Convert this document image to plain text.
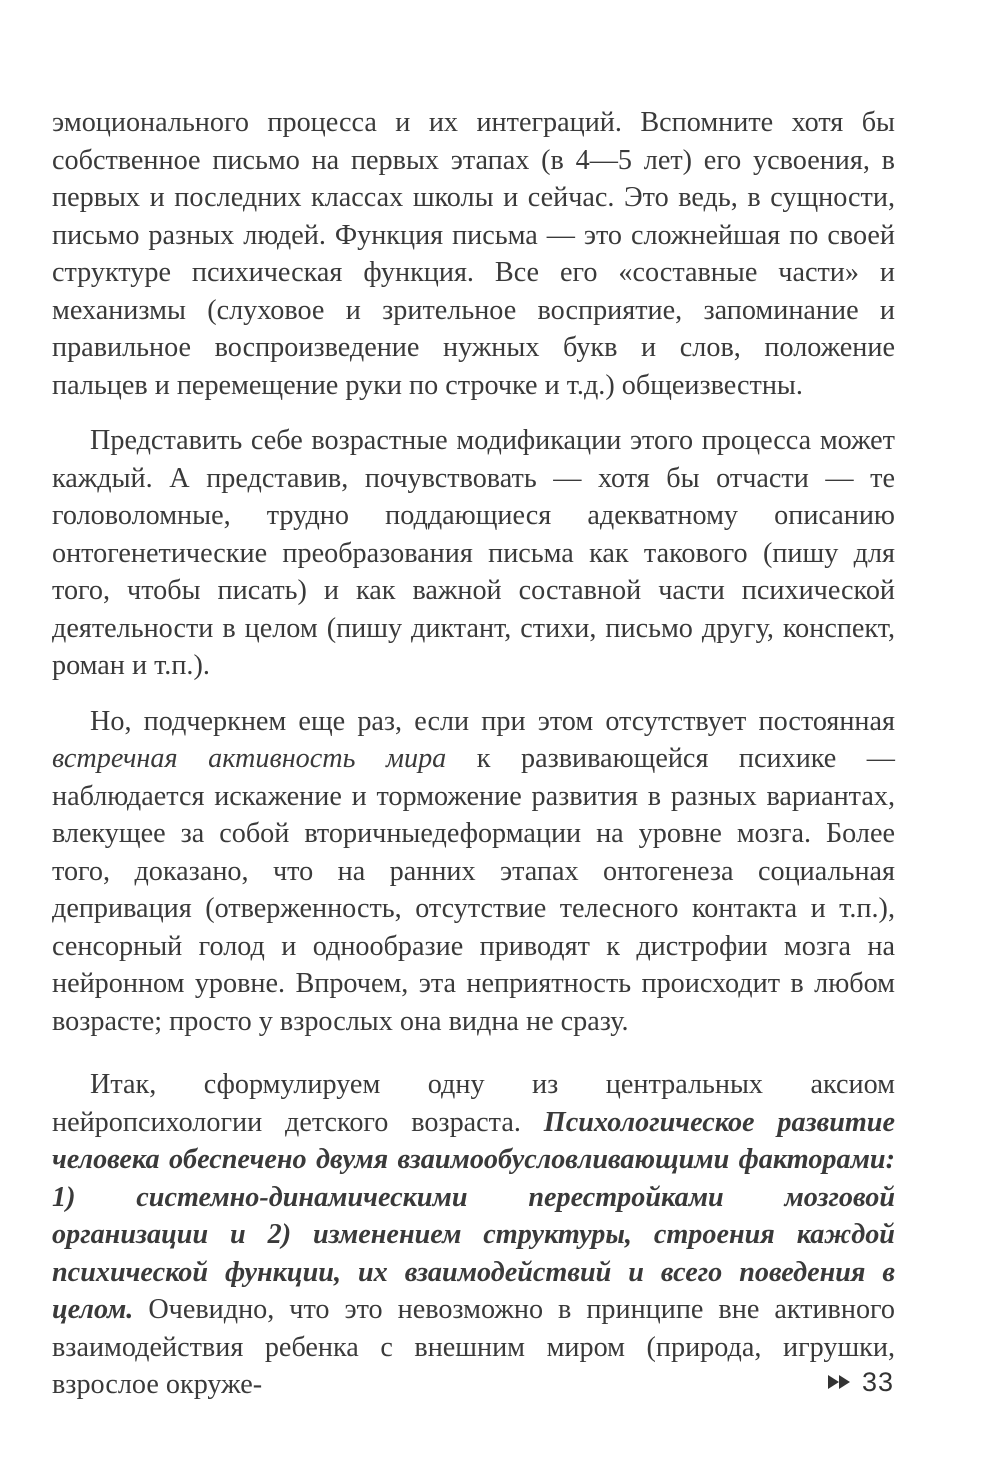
эмоционального процесса и их интеграций. Вспомните хотя бы собственное письмо на первых этапах (в 4—5 лет) его усвоения, в первых и последних классах школы и сейчас. Это ведь, в сущности, письмо разных людей. Функция письма — это сложнейшая по своей структуре психическая функция. Все его «составные части» и механизмы (слуховое и зрительное восприятие, запоминание и правильное воспроизведение нужных букв и слов, положение пальцев и перемещение руки по строчке и т.д.) общеизвестны.

Представить себе возрастные модификации этого процесса может каждый. А представив, почувствовать — хотя бы отчасти — те головоломные, трудно поддающиеся адекватному описанию онтогенетические преобразования письма как такового (пишу для того, чтобы писать) и как важной составной части психической деятельности в целом (пишу диктант, стихи, письмо другу, конспект, роман и т.п.).

Но, подчеркнем еще раз, если при этом отсутствует постоянная встречная активность мира к развивающейся психике — наблюдается искажение и торможение развития в разных вариантах, влекущее за собой вторичныедеформации на уровне мозга. Более того, доказано, что на ранних этапах онтогенеза социальная депривация (отверженность, отсутствие телесного контакта и т.п.), сенсорный голод и однообразие приводят к дистрофии мозга на нейронном уровне. Впрочем, эта неприятность происходит в любом возрасте; просто у взрослых она видна не сразу.

Итак, сформулируем одну из центральных аксиом нейропсихологии детского возраста. Психологическое развитие человека обеспечено двумя взаимообусловливающими факторами: 1) системно-динамическими перестройками мозговой организации и 2) изменением структуры, строения каждой психической функции, их взаимодействий и всего поведения в целом. Очевидно, что это невозможно в принципе вне активного взаимодействия ребенка с внешним миром (природа, игрушки, взрослое окруже-	33
